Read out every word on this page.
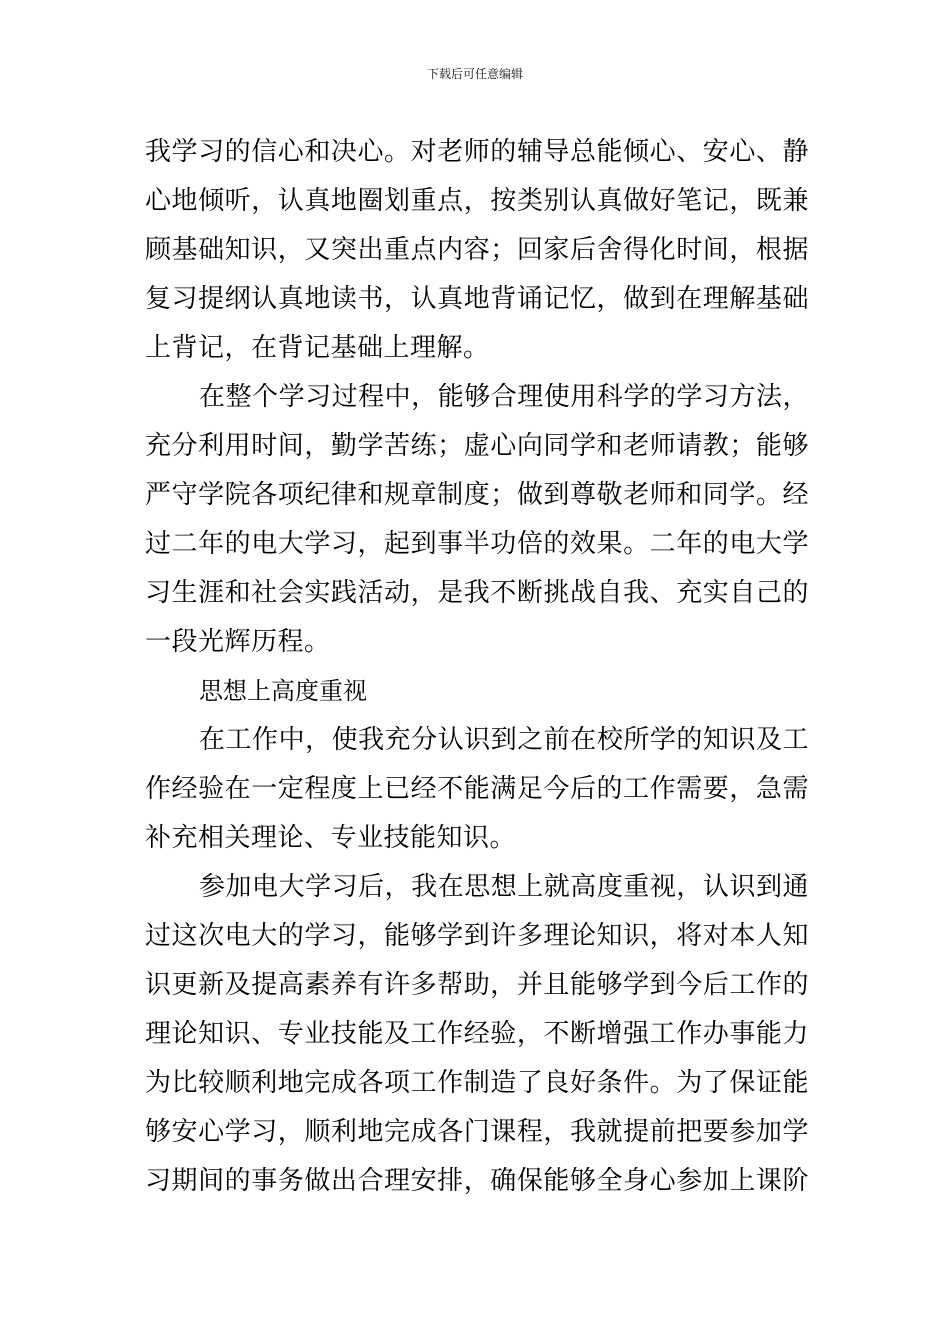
下载后可任意编辑
我学习的信心和决心。对老师的辅导总能倾心、安心、静
心地倾听，认真地圈划重点，按类别认真做好笔记，既兼
顾基础知识，又突出重点内容；回家后舍得化时间，根据
复习提纲认真地读书，认真地背诵记忆，做到在理解基础
上背记，在背记基础上理解。
在整个学习过程中，能够合理使用科学的学习方法，
充分利用时间，勤学苦练；虚心向同学和老师请教；能够
严守学院各项纪律和规章制度；做到尊敬老师和同学。经
过二年的电大学习，起到事半功倍的效果。二年的电大学
习生涯和社会实践活动，是我不断挑战自我、充实自己的
一段光辉历程。
思想上高度重视
在工作中，使我充分认识到之前在校所学的知识及工
作经验在一定程度上已经不能满足今后的工作需要，急需
补充相关理论、专业技能知识。
参加电大学习后，我在思想上就高度重视，认识到通
过这次电大的学习，能够学到许多理论知识，将对本人知
识更新及提高素养有许多帮助，并且能够学到今后工作的
理论知识、专业技能及工作经验，不断增强工作办事能力
为比较顺利地完成各项工作制造了良好条件。为了保证能
够安心学习，顺利地完成各门课程，我就提前把要参加学
习期间的事务做出合理安排，确保能够全身心参加上课阶
